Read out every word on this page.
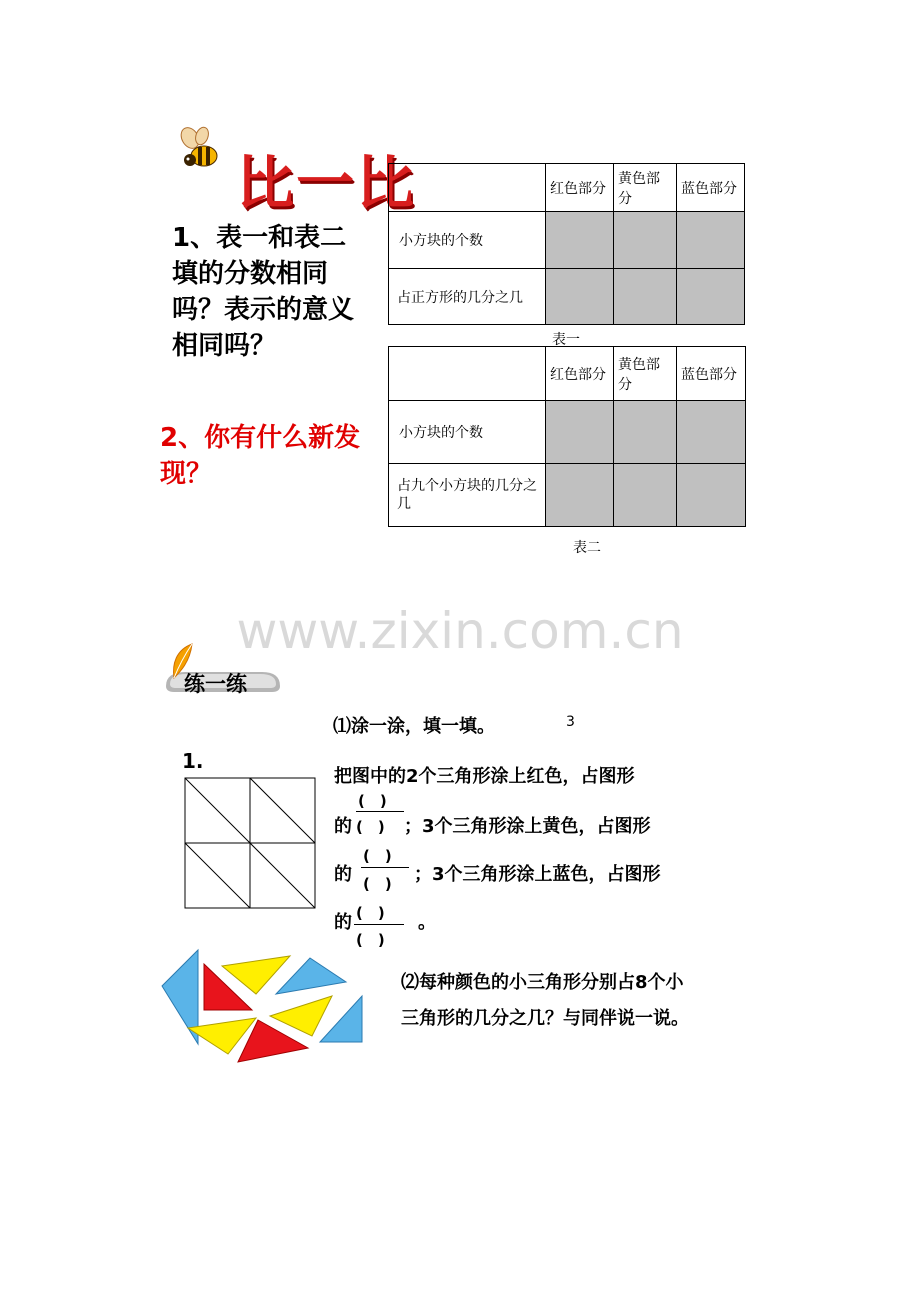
比一比
1、表一和表二填的分数相同吗？表示的意义相同吗？
2、你有什么新发现？
	红色部分	黄色部分	蓝色部分
小方块的个数			
占正方形的几分之几			
表一
	红色部分	黄色部分	蓝色部分
小方块的个数			
占九个小方块的几分之几			
表二
www.zixin.com.cn
练一练
⑴涂一涂，填一填。	3
1.
把图中的2个三角形涂上红色，占图形
的
(　)
(　) ；3个三角形涂上黄色，占图形
的
(　)
(　) ；3个三角形涂上蓝色，占图形
的 (　)
(　)
。
⑵每种颜色的小三角形分别占8个小
三角形的几分之几？与同伴说一说。
